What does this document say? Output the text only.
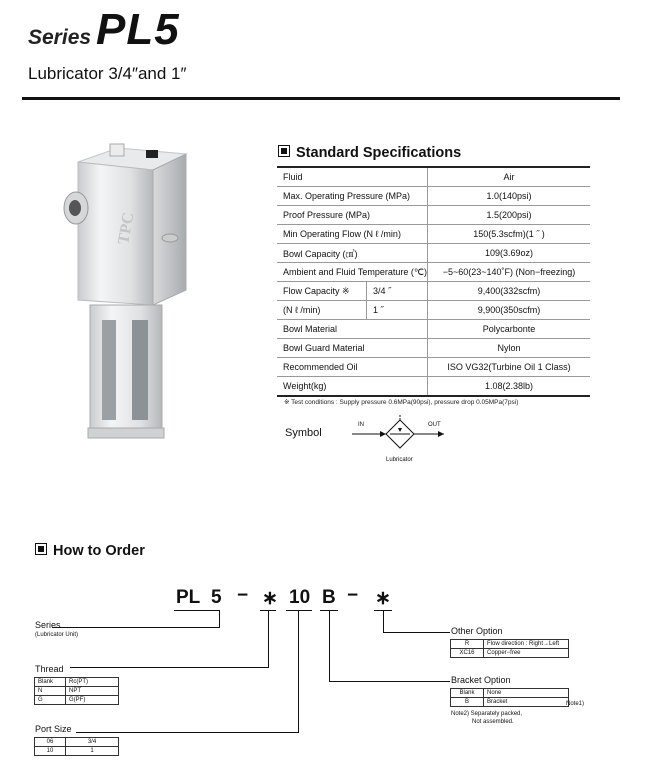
Series PL5
Lubricator 3/4″and 1″
TPC
Standard Specifications
Fluid		Air
Max. Operating Pressure (MPa)		1.0(140psi)
Proof Pressure (MPa)		1.5(200psi)
Min Operating Flow (N ℓ /min)		150(5.3scfm)(1 ˝ )
Bowl Capacity (㎤)		109(3.69oz)
Ambient and Fluid Temperature (℃)		−5~60(23~140˚F) (Non−freezing)
Flow Capacity ※	3/4 ˝	9,400(332scfm)
(N ℓ /min)	1 ˝	9,900(350scfm)
Bowl Material		Polycarbonte
Bowl Guard Material		Nylon
Recommended Oil		ISO VG32(Turbine Oil 1 Class)
Weight(kg)		1.08(2.38lb)
※ Test conditions : Supply pressure 0.6MPa(90psi), pressure drop 0.05MPa(7psi)
Symbol
IN	OUT
Lubricator
How to Order
PL 5 − ∗ 10 B − ∗
Series
(Lubricator Unit)
Thread
Blank	Rc(PT)
N	NPT
G	G(PF)
Port Size
06	3/4
10	1
Other Option
R	Flow direction : Right→Left
XC16	Copper−free
Bracket Option
Blank	None
B	Bracket	Note1)
Note2) Separately packed,
Not assembled.
